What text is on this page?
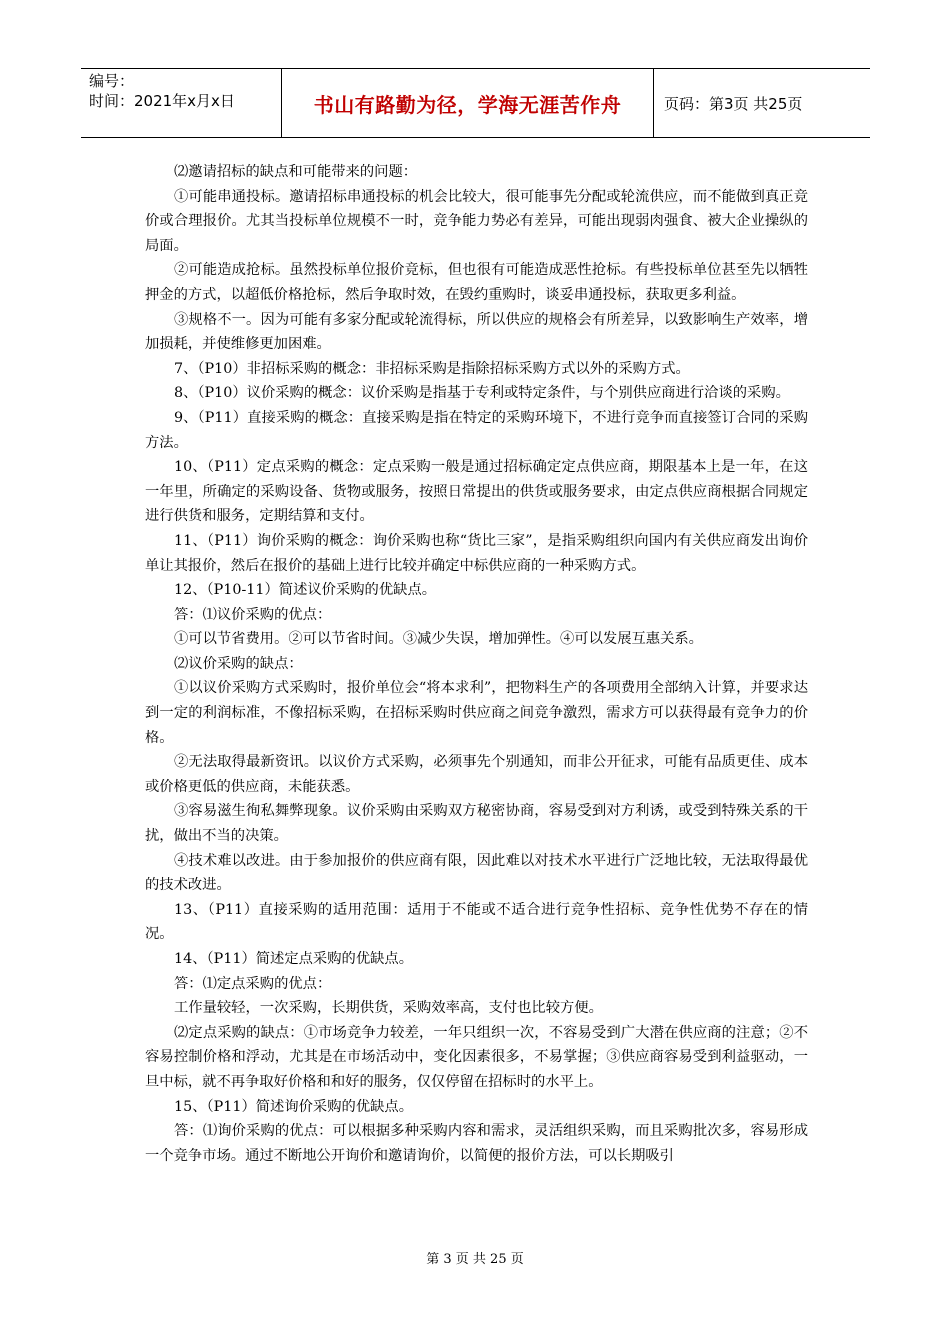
编号：
时间：2021年x月x日	书山有路勤为径，学海无涯苦作舟	页码：第3页 共25页

⑵邀请招标的缺点和可能带来的问题：

①可能串通投标。邀请招标串通投标的机会比较大，很可能事先分配或轮流供应，而不能做到真正竞价或合理报价。尤其当投标单位规模不一时，竞争能力势必有差异，可能出现弱肉强食、被大企业操纵的局面。

②可能造成抢标。虽然投标单位报价竞标，但也很有可能造成恶性抢标。有些投标单位甚至先以牺牲押金的方式，以超低价格抢标，然后争取时效，在毁约重购时，谈妥串通投标，获取更多利益。

③规格不一。因为可能有多家分配或轮流得标，所以供应的规格会有所差异，以致影响生产效率，增加损耗，并使维修更加困难。

7、（P10）非招标采购的概念：非招标采购是指除招标采购方式以外的采购方式。

8、（P10）议价采购的概念：议价采购是指基于专利或特定条件，与个别供应商进行洽谈的采购。

9、（P11）直接采购的概念：直接采购是指在特定的采购环境下，不进行竞争而直接签订合同的采购方法。

10、（P11）定点采购的概念：定点采购一般是通过招标确定定点供应商，期限基本上是一年，在这一年里，所确定的采购设备、货物或服务，按照日常提出的供货或服务要求，由定点供应商根据合同规定进行供货和服务，定期结算和支付。

11、（P11）询价采购的概念：询价采购也称“货比三家”，是指采购组织向国内有关供应商发出询价单让其报价，然后在报价的基础上进行比较并确定中标供应商的一种采购方式。

12、（P10-11）简述议价采购的优缺点。

答：⑴议价采购的优点：

①可以节省费用。②可以节省时间。③减少失误，增加弹性。④可以发展互惠关系。

⑵议价采购的缺点：

①以议价采购方式采购时，报价单位会“将本求利”，把物料生产的各项费用全部纳入计算，并要求达到一定的利润标准，不像招标采购，在招标采购时供应商之间竞争激烈，需求方可以获得最有竞争力的价格。

②无法取得最新资讯。以议价方式采购，必须事先个别通知，而非公开征求，可能有品质更佳、成本或价格更低的供应商，未能获悉。

③容易滋生徇私舞弊现象。议价采购由采购双方秘密协商，容易受到对方利诱，或受到特殊关系的干扰，做出不当的决策。

④技术难以改进。由于参加报价的供应商有限，因此难以对技术水平进行广泛地比较，无法取得最优的技术改进。

13、（P11）直接采购的适用范围：适用于不能或不适合进行竞争性招标、竞争性优势不存在的情况。

14、（P11）简述定点采购的优缺点。

答：⑴定点采购的优点：

工作量较轻，一次采购，长期供货，采购效率高，支付也比较方便。

⑵定点采购的缺点：①市场竞争力较差，一年只组织一次，不容易受到广大潜在供应商的注意；②不容易控制价格和浮动，尤其是在市场活动中，变化因素很多，不易掌握；③供应商容易受到利益驱动，一旦中标，就不再争取好价格和和好的服务，仅仅停留在招标时的水平上。

15、（P11）简述询价采购的优缺点。

答：⑴询价采购的优点：可以根据多种采购内容和需求，灵活组织采购，而且采购批次多，容易形成一个竞争市场。通过不断地公开询价和邀请询价，以简便的报价方法，可以长期吸引

第 3 页 共 25 页
